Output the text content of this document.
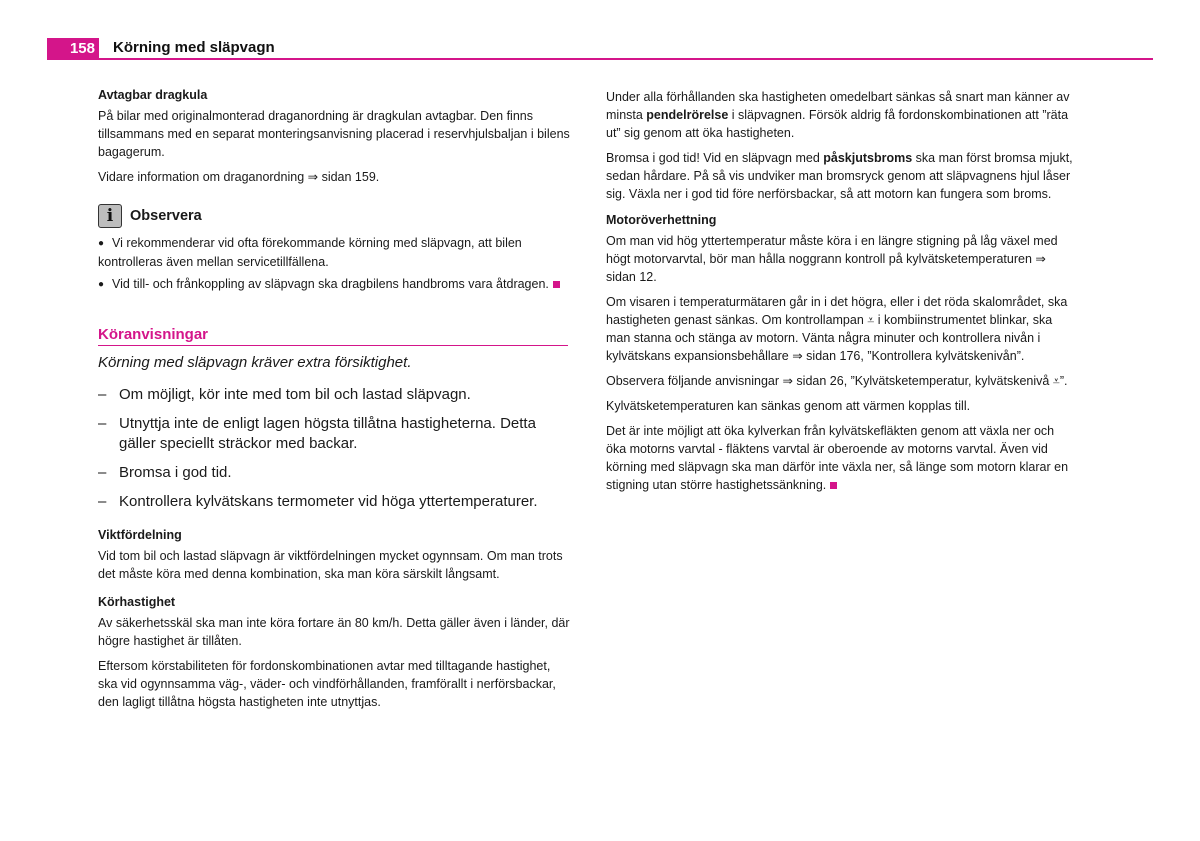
158 Körning med släpvagn
Avtagbar dragkula

På bilar med originalmonterad draganordning är dragkulan avtagbar. Den finns tillsammans med en separat monteringsanvisning placerad i reservhjulsbaljan i bilens bagagerum.

Vidare information om draganordning ⇒ sidan 159.

i	Observera

● Vi rekommenderar vid ofta förekommande körning med släpvagn, att bilen kontrolleras även mellan servicetillfällena.

● Vid till- och frånkoppling av släpvagn ska dragbilens handbroms vara åtdragen.

Köranvisningar
Körning med släpvagn kräver extra försiktighet.
– Om möjligt, kör inte med tom bil och lastad släpvagn.
– Utnyttja inte de enligt lagen högsta tillåtna hastigheterna. Detta gäller speciellt sträckor med backar.
– Bromsa i god tid.
– Kontrollera kylvätskans termometer vid höga yttertemperaturer.
Viktfördelning

Vid tom bil och lastad släpvagn är viktfördelningen mycket ogynnsam. Om man trots det måste köra med denna kombination, ska man köra särskilt långsamt.

Körhastighet

Av säkerhetsskäl ska man inte köra fortare än 80 km/h. Detta gäller även i länder, där högre hastighet är tillåten.

Eftersom körstabiliteten för fordonskombinationen avtar med tilltagande hastighet, ska vid ogynnsamma väg-, väder- och vindförhållanden, framförallt i nerförsbackar, den lagligt tillåtna högsta hastigheten inte utnyttjas.

Under alla förhållanden ska hastigheten omedelbart sänkas så snart man känner av minsta pendelrörelse i släpvagnen. Försök aldrig få fordonskombinationen att ”räta ut” sig genom att öka hastigheten.

Bromsa i god tid! Vid en släpvagn med påskjutsbroms ska man först bromsa mjukt, sedan hårdare. På så vis undviker man bromsryck genom att släpvagnens hjul låser sig. Växla ner i god tid före nerförsbackar, så att motorn kan fungera som broms.

Motoröverhettning

Om man vid hög yttertemperatur måste köra i en längre stigning på låg växel med högt motorvarvtal, bör man hålla noggrann kontroll på kylvätsketemperaturen ⇒ sidan 12.

Om visaren i temperaturmätaren går in i det högra, eller i det röda skalområdet, ska hastigheten genast sänkas. Om kontrollampan ⩡ i kombiinstrumentet blinkar, ska man stanna och stänga av motorn. Vänta några minuter och kontrollera nivån i kylvätskans expansionsbehållare ⇒ sidan 176, ”Kontrollera kylvätskenivån”.

Observera följande anvisningar ⇒ sidan 26, ”Kylvätsketemperatur, kylvätskenivå ⩡”.

Kylvätsketemperaturen kan sänkas genom att värmen kopplas till.

Det är inte möjligt att öka kylverkan från kylvätskefläkten genom att växla ner och öka motorns varvtal - fläktens varvtal är oberoende av motorns varvtal. Även vid körning med släpvagn ska man därför inte växla ner, så länge som motorn klarar en stigning utan större hastighetssänkning.
